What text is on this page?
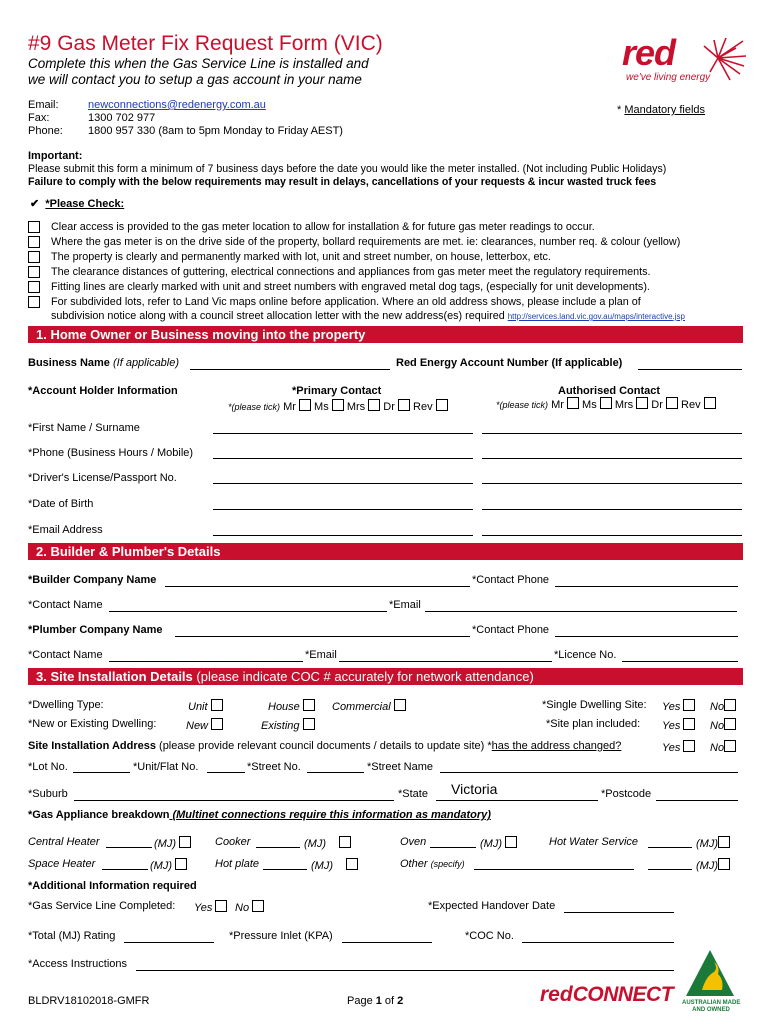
#9 Gas Meter Fix Request Form (VIC)
Complete this when the Gas Service Line is installed and
we will contact you to setup a gas account in your name
red
we've living energy
Email:	newconnections@redenergy.com.au
Fax:	1300 702 977
Phone: 1800 957 330 (8am to 5pm Monday to Friday AEST)
* Mandatory fields
Important:
Please submit this form a minimum of 7 business days before the date you would like the meter installed. (Not including Public Holidays)
Failure to comply with the below requirements may result in delays, cancellations of your requests & incur wasted truck fees
✔ *Please Check:
Clear access is provided to the gas meter location to allow for installation & for future gas meter readings to occur.
Where the gas meter is on the drive side of the property, bollard requirements are met. ie: clearances, number req. & colour (yellow)
The property is clearly and permanently marked with lot, unit and street number, on house, letterbox, etc.
The clearance distances of guttering, electrical connections and appliances from gas meter meet the regulatory requirements.
Fitting lines are clearly marked with unit and street numbers with engraved metal dog tags, (especially for unit developments).
For subdivided lots, refer to Land Vic maps online before application. Where an old address shows, please include a plan of
subdivision notice along with a council street allocation letter with the new address(es) required http://services.land.vic.gov.au/maps/interactive.jsp
1. Home Owner or Business moving into the property
Business Name (If applicable)	Red Energy Account Number (If applicable)
*Account Holder Information	*Primary Contact	Authorised Contact
*(please tick) Mr Ms Mrs Dr Rev	*(please tick) Mr Ms Mrs Dr Rev
*First Name / Surname
*Phone (Business Hours / Mobile)
*Driver's License/Passport No.
*Date of Birth
*Email Address
2. Builder & Plumber's Details
*Builder Company Name	*Contact Phone
*Contact Name	*Email
*Plumber Company Name	*Contact Phone
*Contact Name	*Email	*Licence No.
3. Site Installation Details (please indicate COC # accurately for network attendance)
*Dwelling Type:	Unit	House	Commercial	*Single Dwelling Site: Yes	No
*New or Existing Dwelling:	New	Existing	*Site plan included: Yes	No
Site Installation Address (please provide relevant council documents / details to update site) *has the address changed?	Yes	No
*Lot No.	*Unit/Flat No.	*Street No.	*Street Name
*Suburb	*State Victoria	*Postcode
*Gas Appliance breakdown (Multinet connections require this information as mandatory)
Central Heater	(MJ)	Cooker	(MJ)	Oven	(MJ)	Hot Water Service	(MJ)
Space Heater	(MJ)	Hot plate	(MJ)	Other (specify)	(MJ)
*Additional Information required
*Gas Service Line Completed: Yes	No	*Expected Handover Date
*Total (MJ) Rating	*Pressure Inlet (KPA)	*COC No.
*Access Instructions
BLDRV18102018-GMFR	Page 1 of 2	redCONNECT AUSTRALIAN MADE
AND OWNED
